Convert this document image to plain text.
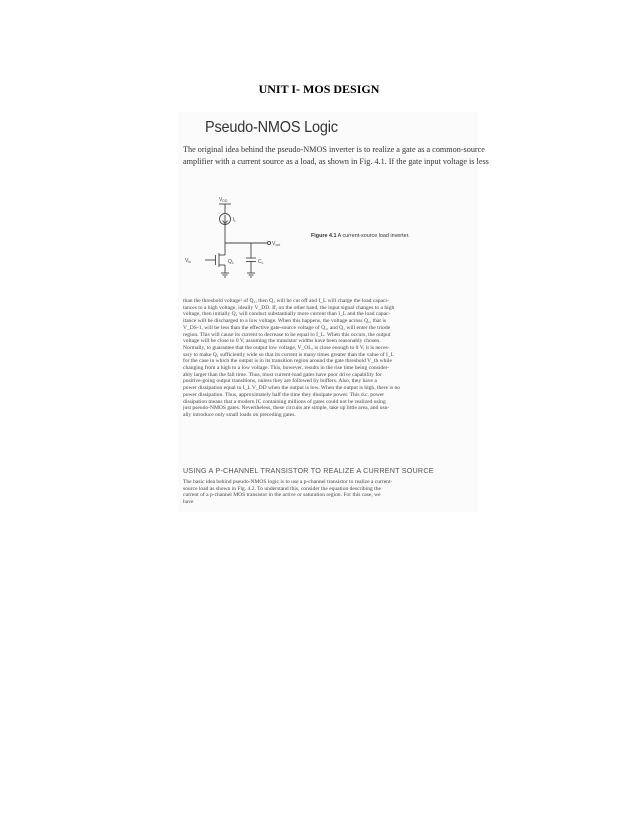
UNIT I- MOS DESIGN
Pseudo-NMOS Logic
The original idea behind the pseudo-NMOS inverter is to realize a gate as a common-source
amplifier with a current source as a load, as shown in Fig. 4.1. If the gate input voltage is less
$V_{DD}$
$I_L$
$V_{out}$
$Q_1$	$C_L$
$V_{in}$
Figure 4.1 A current-source load inverter.
than the threshold voltage¹ of Q₁, then Q₁ will be cut off and I_L will charge the load capaci-
tances to a high voltage, ideally V_DD. If, on the other hand, the input signal changes to a high
voltage, then initially Q₁ will conduct substantially more current than I_L and the load capac-
itance will be discharged to a low voltage. When this happens, the voltage across Q₁, that is
V_DS-1, will be less than the effective gate-source voltage of Q₁, and Q₁ will enter the triode
region. This will cause its current to decrease to be equal to I_L. When this occurs, the output
voltage will be close to 0 V, assuming the transistor widths have been reasonably chosen.
Normally, to guarantee that the output low voltage, V_OL, is close enough to 0 V, it is neces-
sary to make Q₁ sufficiently wide so that its current is many times greater than the value of I_L
for the case in which the output is in its transition region around the gate threshold V_th while
changing from a high to a low voltage. This, however, results in the rise time being consider-
ably larger than the fall time. Thus, most current-load gates have poor drive capability for
positive-going output transitions, unless they are followed by buffers. Also, they have a
power dissipation equal to I_L V_DD when the output is low. When the output is high, there is no
power dissipation. Thus, approximately half the time they dissipate power. This d.c. power
dissipation means that a modern IC containing millions of gates could not be realized using
just pseudo-NMOS gates. Nevertheless, these circuits are simple, take up little area, and usu-
ally introduce only small loads on preceding gates.
USING A P-CHANNEL TRANSISTOR TO REALIZE A CURRENT SOURCE
The basic idea behind pseudo-NMOS logic is to use a p-channel transistor to realize a current-
source load as shown in Fig. 4.2. To understand this, consider the equation describing the
current of a p-channel MOS transistor in the active or saturation region. For this case, we
have
